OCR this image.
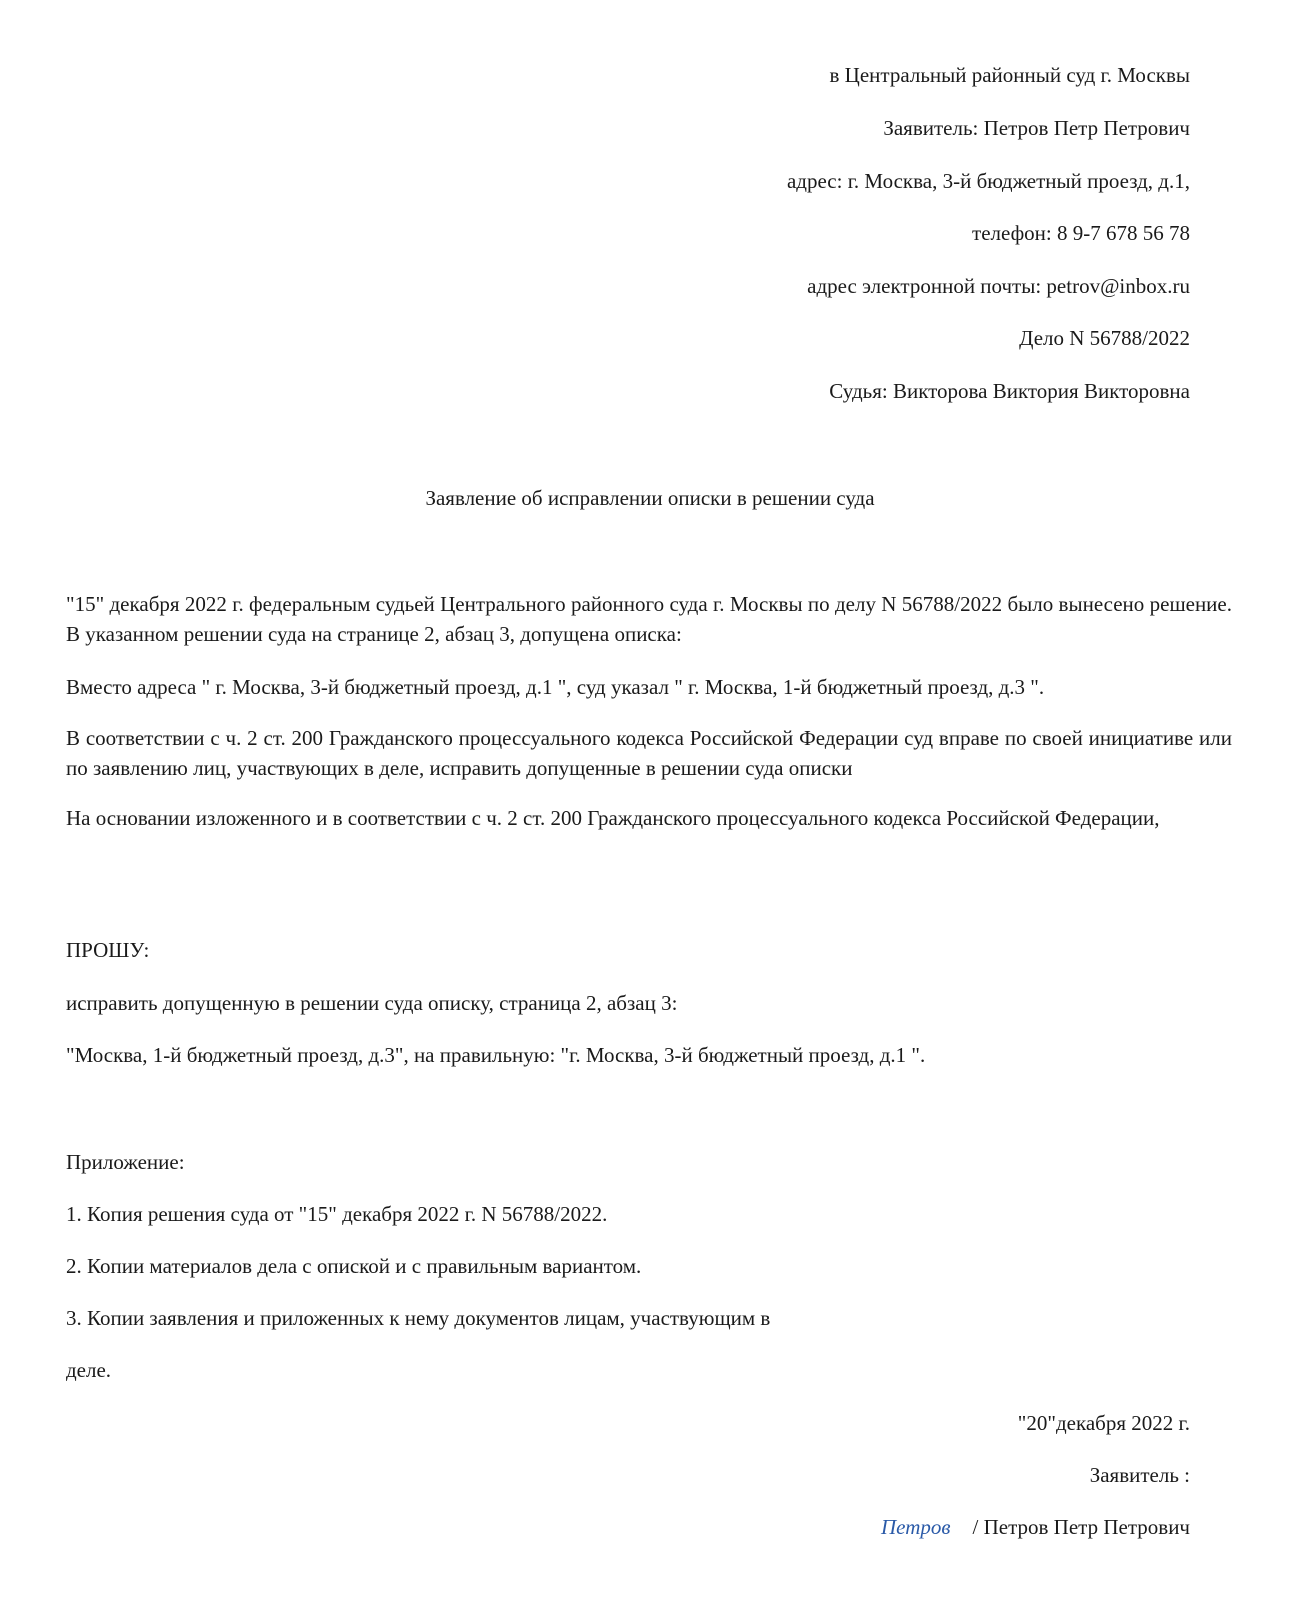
в Центральный районный суд г. Москвы
Заявитель: Петров Петр Петрович
адрес: г. Москва, 3-й бюджетный проезд, д.1,
телефон: 8 9-7 678 56 78
адрес электронной почты: petrov@inbox.ru
Дело N 56788/2022
Судья: Викторова Виктория Викторовна
Заявление об исправлении описки в решении суда
"15" декабря 2022 г. федеральным судьей Центрального районного суда г. Москвы по делу N 56788/2022 было вынесено решение. В указанном решении суда на странице 2, абзац 3, допущена описка:
Вместо адреса " г. Москва, 3-й бюджетный проезд, д.1 ", суд указал " г. Москва, 1-й бюджетный проезд, д.3 ".
В соответствии с ч. 2 ст. 200 Гражданского процессуального кодекса Российской Федерации суд вправе по своей инициативе или по заявлению лиц, участвующих в деле, исправить допущенные в решении суда описки
На основании изложенного и в соответствии с ч. 2 ст. 200 Гражданского процессуального кодекса Российской Федерации,
ПРОШУ:
исправить допущенную в решении суда описку, страница 2, абзац 3:
"Москва, 1-й бюджетный проезд, д.3", на правильную: "г. Москва, 3-й бюджетный проезд, д.1 ".
Приложение:
1. Копия решения суда от "15" декабря 2022 г. N 56788/2022.
2. Копии материалов дела с опиской и с правильным вариантом.
3. Копии заявления и приложенных к нему документов лицам, участвующим в
деле.
"20"декабря 2022 г.
Заявитель :
Петров / Петров Петр Петрович
